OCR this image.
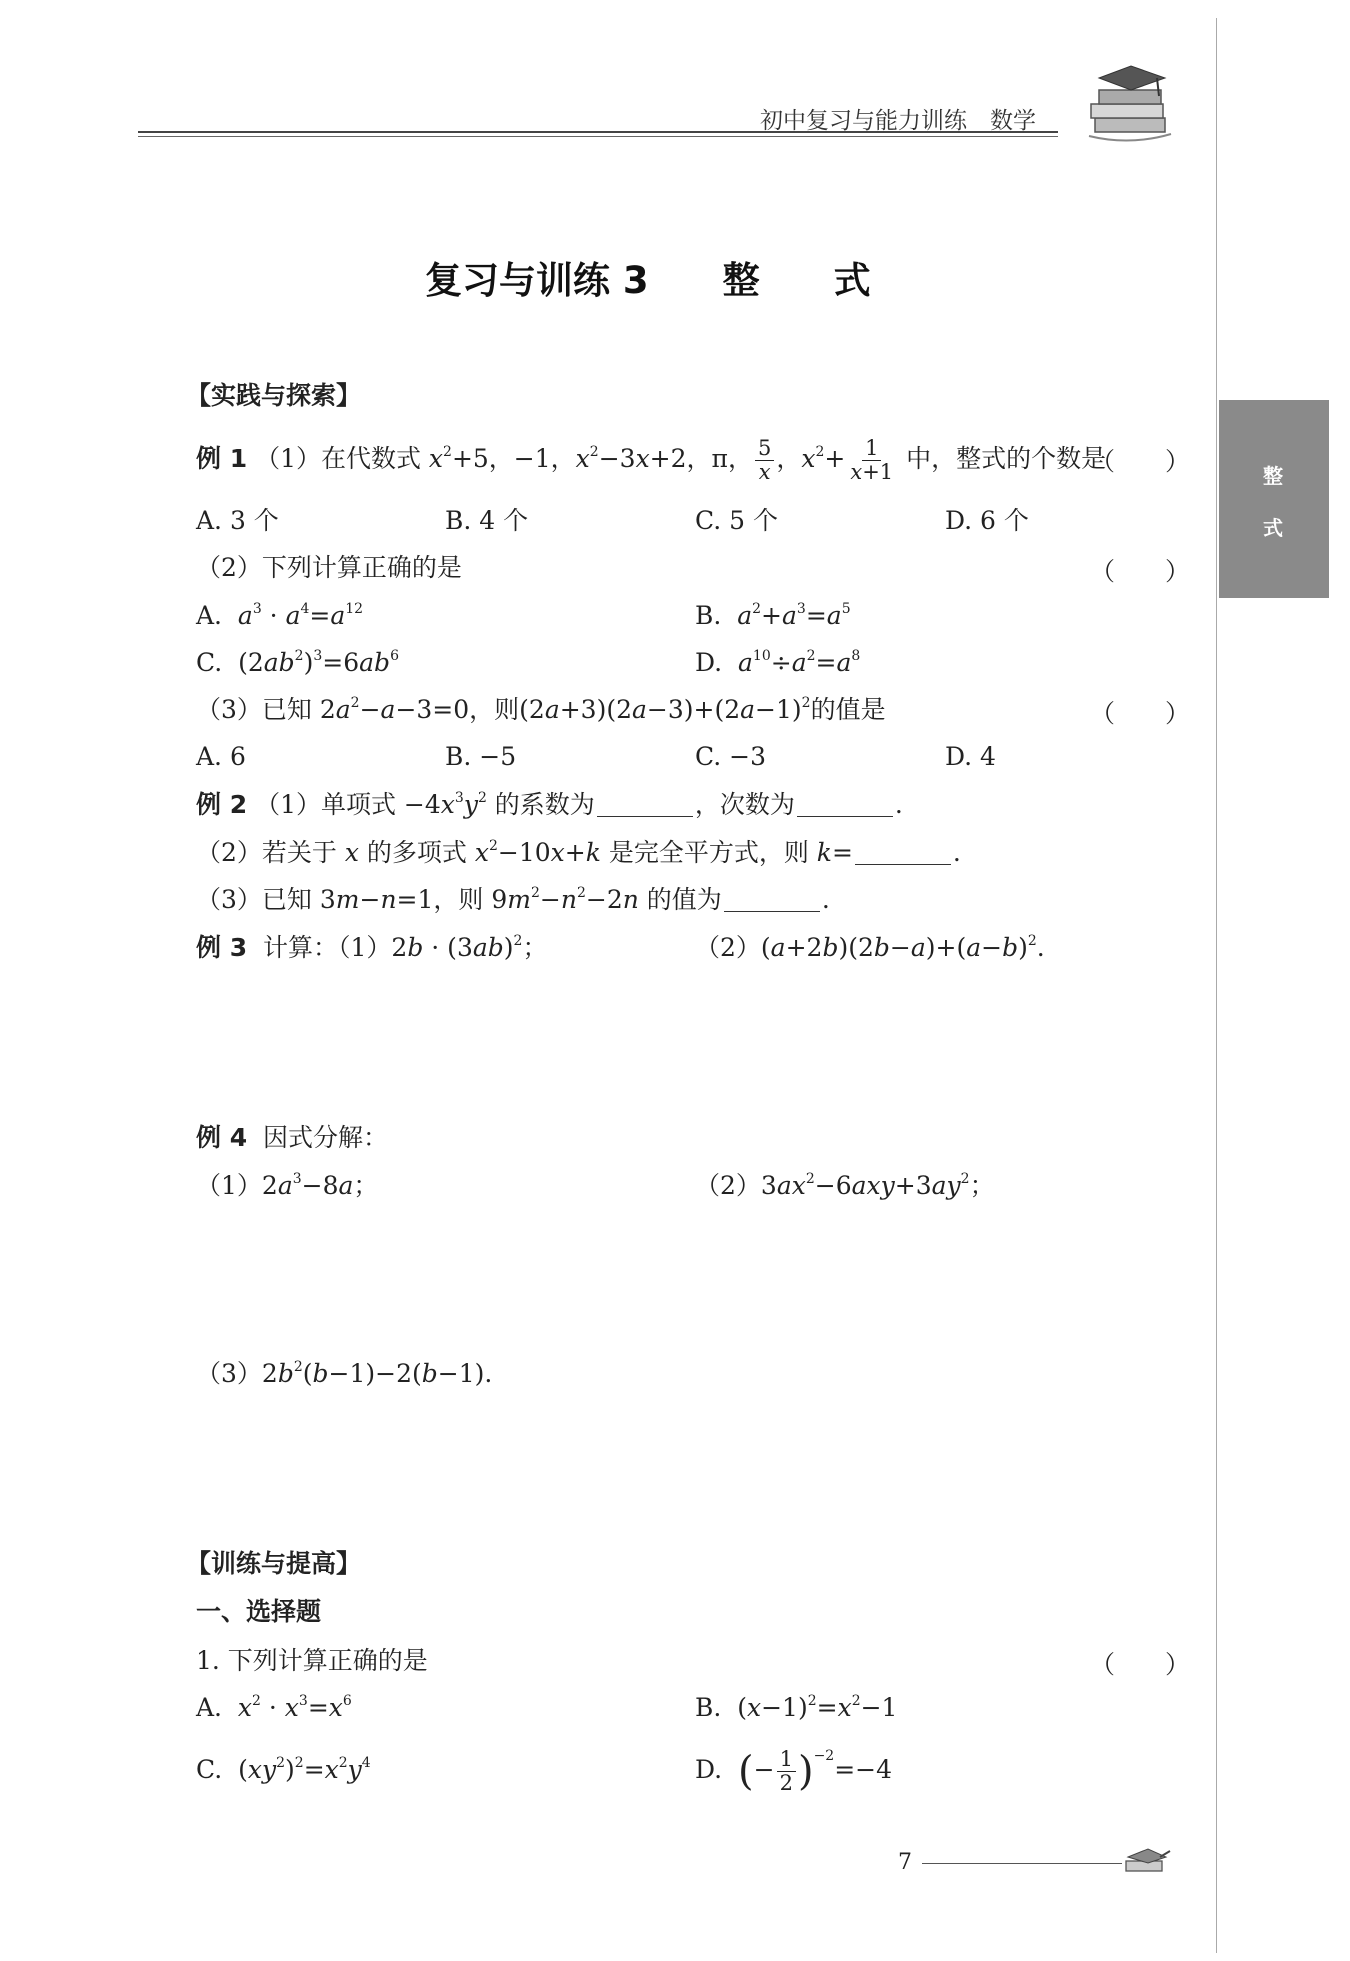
初中复习与能力训练　数学
整
式
复习与训练 3　　整　　式
【实践与探索】
例 1 （1）在代数式 $x^2+5$，−1，$x^2-3x+2$，π， $\frac{5}{x}$ ，$x^2+ \frac{1}{x+1}$ 中，整式的个数是
（　　）
A. 3 个	B. 4 个	C. 5 个	D. 6 个
（2）下列计算正确的是	（　　）
A.  $a^3 \cdot a^4=a^{12}$	B.  $a^2+a^3=a^5$
C.  $(2ab^2)^3=6ab^6$	D.  $a^{10}\div a^2=a^8$
（3）已知 $2a^2-a-3=0$，则$(2a+3)(2a-3)+(2a-1)^2$的值是	（　　）
A. 6	B. −5	C. −3	D. 4
例 2 （1）单项式 $-4x^3y^2$ 的系数为	，次数为	.
（2）若关于 x 的多项式 $x^2-10x+k$ 是完全平方式，则 k=	.
（3）已知 3m−n=1，则 $9m^2-n^2-2n$ 的值为	.
例 3 计算：$(1)2b \cdot (3ab)^2$；	$(2)(a+2b)(2b-a)+(a-b)^2$.
例 4 因式分解：
$(1)2a^3-8a$；	$(2)3ax^2-6axy+3ay^2$；
$(3)2b^2(b-1)-2(b-1)$.
【训练与提高】
一、选择题
1. 下列计算正确的是	（　　）
A. $x^2 \cdot x^3=x^6$	B.  $(x-1)^2=x^2-1$
C.  $(xy^2)^2=x^2y^4$	D. (− $\frac{1}{2} )^{-2}=-4$
7
